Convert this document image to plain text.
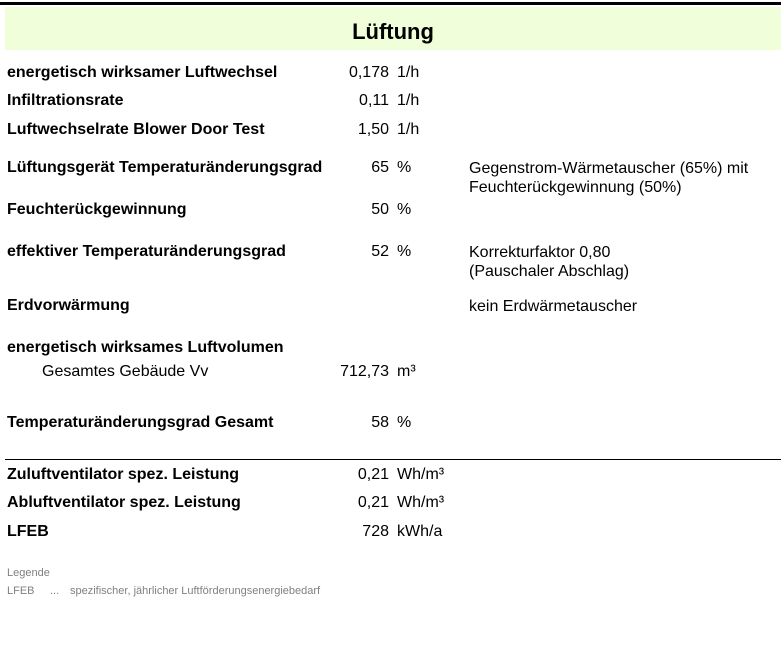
Lüftung
energetisch wirksamer Luftwechsel	0,178 1/h
Infiltrationsrate	0,11 1/h
Luftwechselrate Blower Door Test	1,50 1/h
Lüftungsgerät Temperaturänderungsgrad	65 %	Gegenstrom-Wärmetauscher (65%) mit
Feuchterückgewinnung (50%)
Feuchterückgewinnung	50 %
effektiver Temperaturänderungsgrad	52 %	Korrekturfaktor 0,80
(Pauschaler Abschlag)
Erdvorwärmung	kein Erdwärmetauscher
energetisch wirksames Luftvolumen
Gesamtes Gebäude Vv	712,73 m³
Temperaturänderungsgrad Gesamt	58 %
Zuluftventilator spez. Leistung	0,21 Wh/m³
Abluftventilator spez. Leistung	0,21 Wh/m³
LFEB	728 kWh/a
Legende
LFEB ... spezifischer, jährlicher Luftförderungsenergiebedarf
